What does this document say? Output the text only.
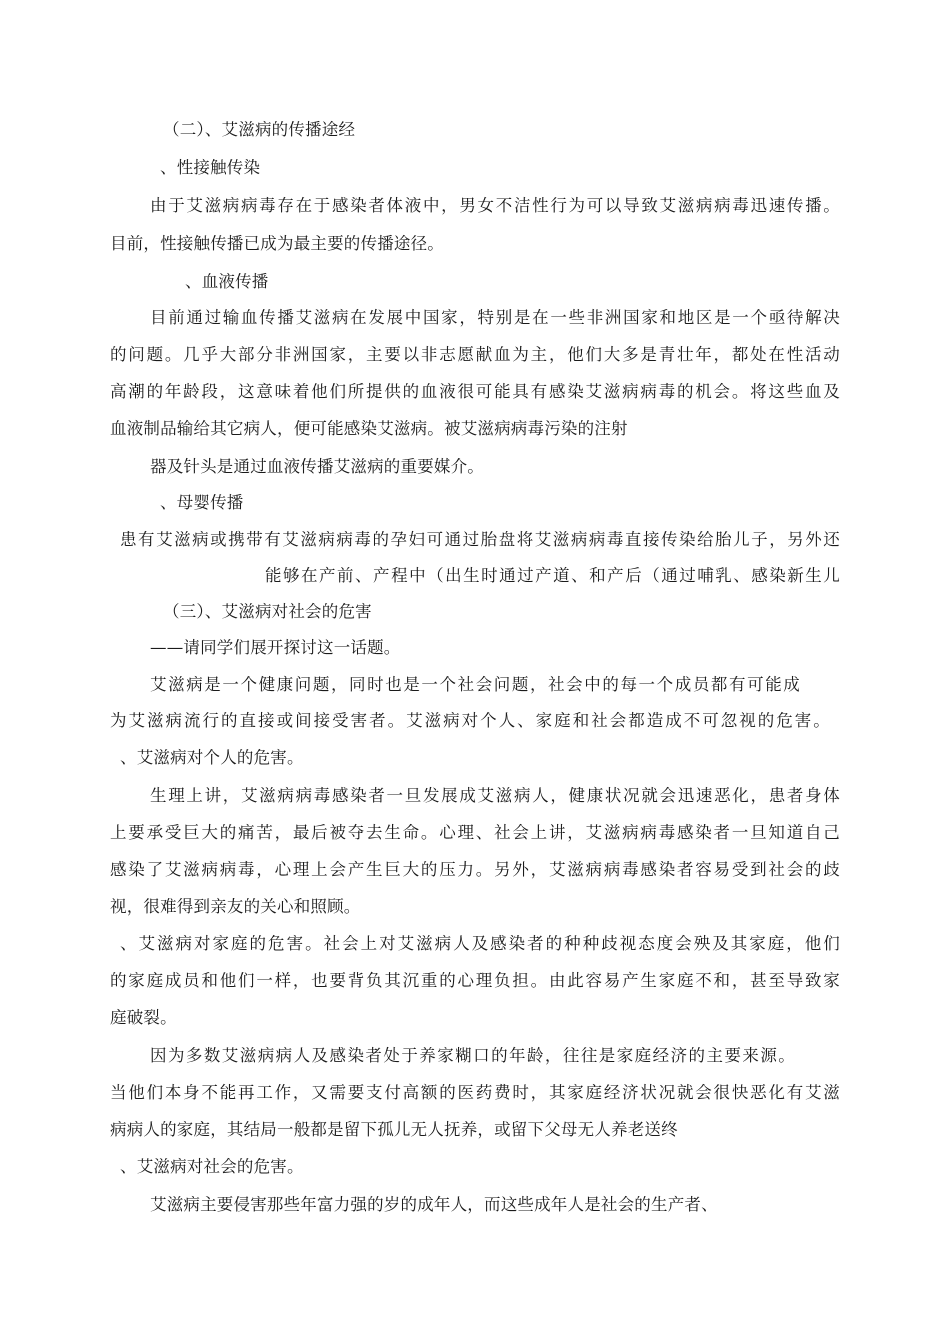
（二）、艾滋病的传播途经
、性接触传染
由于艾滋病病毒存在于感染者体液中，男女不洁性行为可以导致艾滋病病毒迅速传播。
目前，性接触传播已成为最主要的传播途径。
、血液传播
目前通过输血传播艾滋病在发展中国家，特别是在一些非洲国家和地区是一个亟待解决
的问题。几乎大部分非洲国家，主要以非志愿献血为主，他们大多是青壮年，都处在性活动
高潮的年龄段，这意味着他们所提供的血液很可能具有感染艾滋病病毒的机会。将这些血及
血液制品输给其它病人，便可能感染艾滋病。被艾滋病病毒污染的注射
器及针头是通过血液传播艾滋病的重要媒介。
、母婴传播
患有艾滋病或携带有艾滋病病毒的孕妇可通过胎盘将艾滋病病毒直接传染给胎儿子，另外还
能够在产前、产程中（出生时通过产道、和产后（通过哺乳、感染新生儿
（三）、艾滋病对社会的危害
——请同学们展开探讨这一话题。
艾滋病是一个健康问题，同时也是一个社会问题，社会中的每一个成员都有可能成
为艾滋病流行的直接或间接受害者。艾滋病对个人、家庭和社会都造成不可忽视的危害。
、艾滋病对个人的危害。
生理上讲，艾滋病病毒感染者一旦发展成艾滋病人，健康状况就会迅速恶化，患者身体
上要承受巨大的痛苦，最后被夺去生命。心理、社会上讲，艾滋病病毒感染者一旦知道自己
感染了艾滋病病毒，心理上会产生巨大的压力。另外，艾滋病病毒感染者容易受到社会的歧
视，很难得到亲友的关心和照顾。
、艾滋病对家庭的危害。社会上对艾滋病人及感染者的种种歧视态度会殃及其家庭，他们
的家庭成员和他们一样，也要背负其沉重的心理负担。由此容易产生家庭不和，甚至导致家
庭破裂。
因为多数艾滋病病人及感染者处于养家糊口的年龄，往往是家庭经济的主要来源。
当他们本身不能再工作，又需要支付高额的医药费时，其家庭经济状况就会很快恶化有艾滋
病病人的家庭，其结局一般都是留下孤儿无人抚养，或留下父母无人养老送终
、艾滋病对社会的危害。
艾滋病主要侵害那些年富力强的岁的成年人，而这些成年人是社会的生产者、
